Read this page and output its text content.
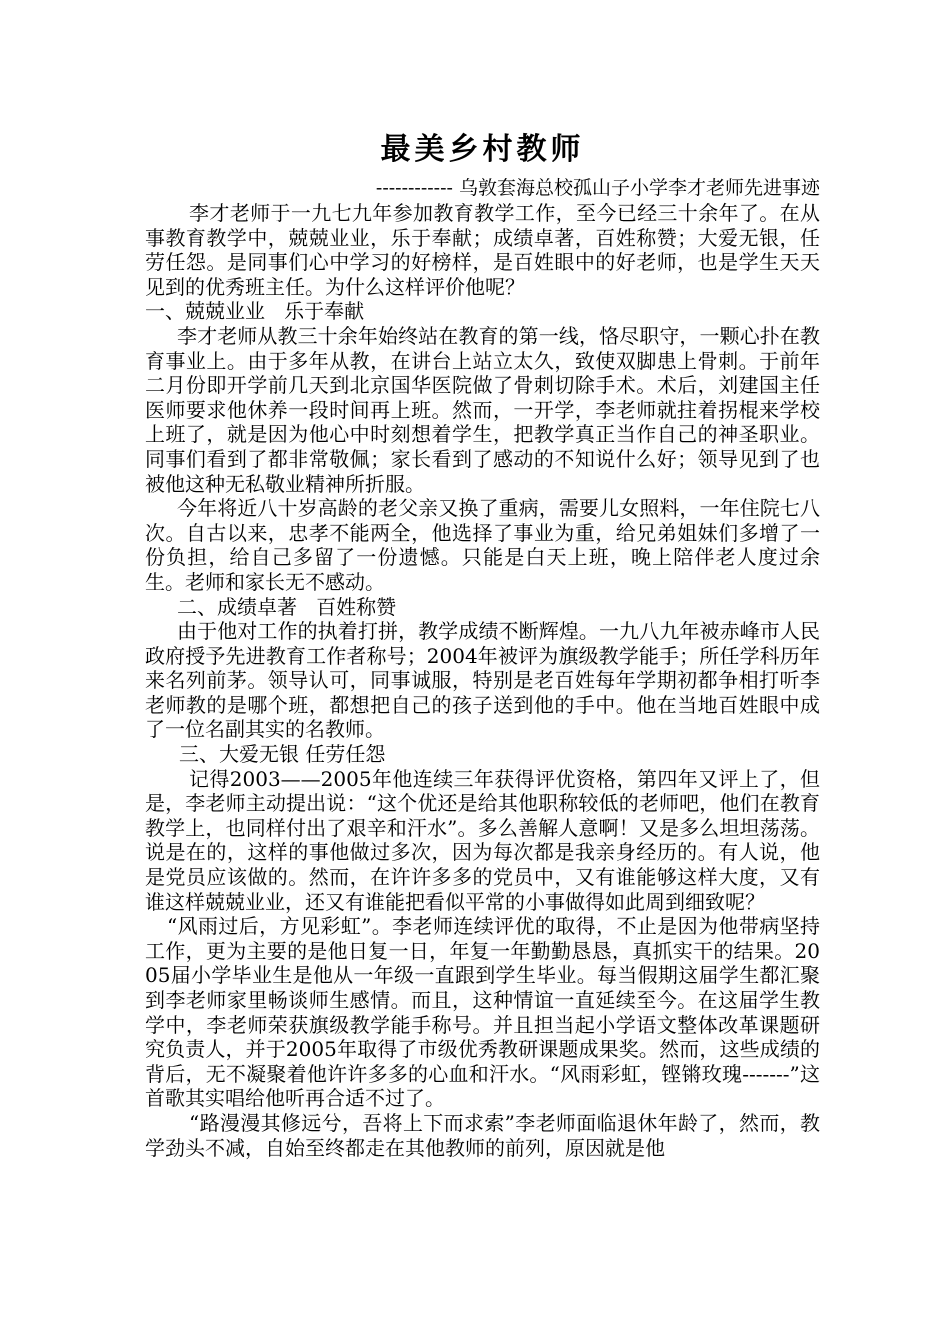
最美乡村教师

------------ 乌敦套海总校孤山子小学李才老师先进事迹

李才老师于一九七九年参加教育教学工作，至今已经三十余年了。在从事教育教学中，兢兢业业，乐于奉献；成绩卓著，百姓称赞；大爱无银，任劳任怨。是同事们心中学习的好榜样，是百姓眼中的好老师，也是学生天天见到的优秀班主任。为什么这样评价他呢？

一、兢兢业业   乐于奉献

李才老师从教三十余年始终站在教育的第一线，恪尽职守，一颗心扑在教育事业上。由于多年从教，在讲台上站立太久，致使双脚患上骨刺。于前年二月份即开学前几天到北京国华医院做了骨刺切除手术。术后，刘建国主任医师要求他休养一段时间再上班。然而，一开学，李老师就拄着拐棍来学校上班了，就是因为他心中时刻想着学生，把教学真正当作自己的神圣职业。同事们看到了都非常敬佩；家长看到了感动的不知说什么好；领导见到了也被他这种无私敬业精神所折服。

今年将近八十岁高龄的老父亲又换了重病，需要儿女照料，一年住院七八次。自古以来，忠孝不能两全，他选择了事业为重，给兄弟姐妹们多增了一份负担，给自己多留了一份遗憾。只能是白天上班，晚上陪伴老人度过余生。老师和家长无不感动。

二、成绩卓著   百姓称赞

由于他对工作的执着打拼，教学成绩不断辉煌。一九八九年被赤峰市人民政府授予先进教育工作者称号；2004年被评为旗级教学能手；所任学科历年来名列前茅。领导认可，同事诚服，特别是老百姓每年学期初都争相打听李老师教的是哪个班，都想把自己的孩子送到他的手中。他在当地百姓眼中成了一位名副其实的名教师。

三、大爱无银 任劳任怨

记得2003——2005年他连续三年获得评优资格，第四年又评上了，但是，李老师主动提出说：“这个优还是给其他职称较低的老师吧，他们在教育教学上，也同样付出了艰辛和汗水”。多么善解人意啊！又是多么坦坦荡荡。说是在的，这样的事他做过多次，因为每次都是我亲身经历的。有人说，他是党员应该做的。然而，在许许多多的党员中，又有谁能够这样大度，又有谁这样兢兢业业，还又有谁能把看似平常的小事做得如此周到细致呢？

“风雨过后，方见彩虹”。李老师连续评优的取得，不止是因为他带病坚持工作，更为主要的是他日复一日，年复一年勤勤恳恳，真抓实干的结果。2005届小学毕业生是他从一年级一直跟到学生毕业。每当假期这届学生都汇聚到李老师家里畅谈师生感情。而且，这种情谊一直延续至今。在这届学生教学中，李老师荣获旗级教学能手称号。并且担当起小学语文整体改革课题研究负责人，并于2005年取得了市级优秀教研课题成果奖。然而，这些成绩的背后，无不凝聚着他许许多多的心血和汗水。“风雨彩虹，铿锵玫瑰-------”这首歌其实唱给他听再合适不过了。

“路漫漫其修远兮，吾将上下而求索”李老师面临退休年龄了，然而，教学劲头不减，自始至终都走在其他教师的前列，原因就是他
